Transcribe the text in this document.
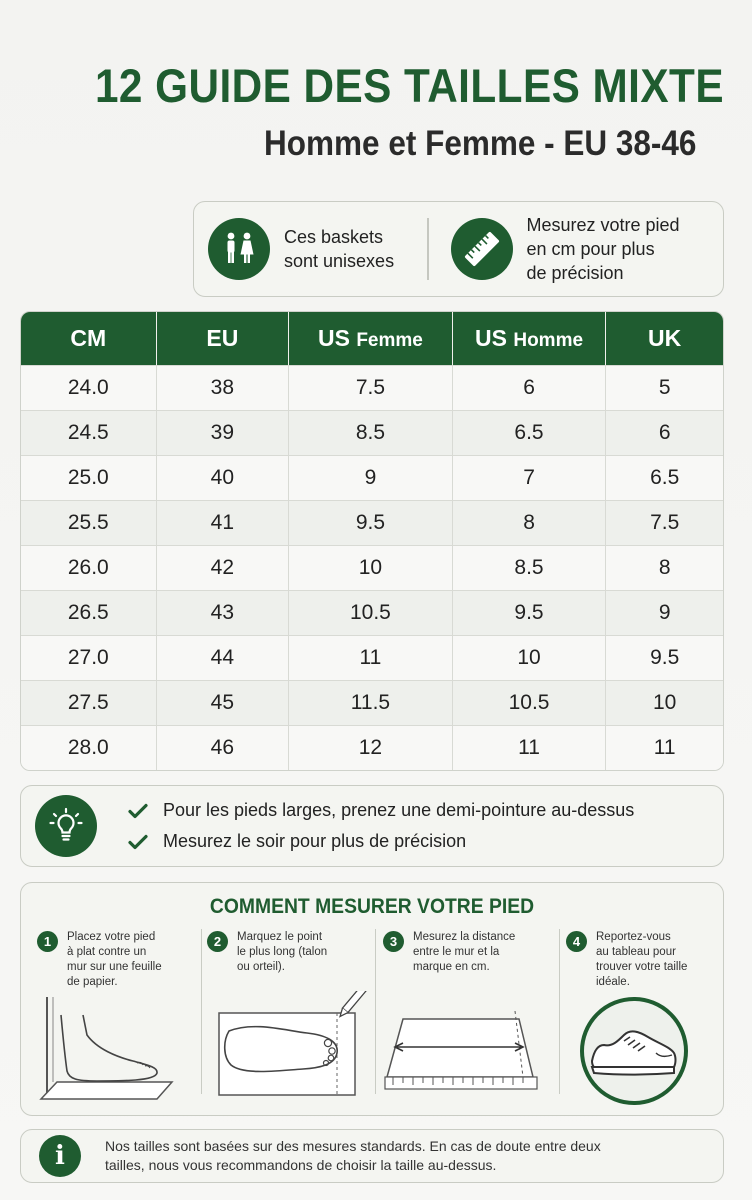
12 GUIDE DES TAILLES MIXTE
Homme et Femme - EU 38-46
Ces baskets
sont unisexes
Mesurez votre pied
en cm pour plus
de précision
CM	EU	US Femme	US Homme	UK
24.0	38	7.5	6	5
24.5	39	8.5	6.5	6
25.0	40	9	7	6.5
25.5	41	9.5	8	7.5
26.0	42	10	8.5	8
26.5	43	10.5	9.5	9
27.0	44	11	10	9.5
27.5	45	11.5	10.5	10
28.0	46	12	11	11
Pour les pieds larges, prenez une demi-pointure au-dessus
Mesurez le soir pour plus de précision
COMMENT MESURER VOTRE PIED
1	Placez votre pied
à plat contre un
mur sur une feuille
de papier.
2	Marquez le point
le plus long (talon
ou orteil).
3	Mesurez la distance
entre le mur et la
marque en cm.
4	Reportez-vous
au tableau pour
trouver votre taille
idéale.
i	Nos tailles sont basées sur des mesures standards. En cas de doute entre deux
tailles, nous vous recommandons de choisir la taille au-dessus.
